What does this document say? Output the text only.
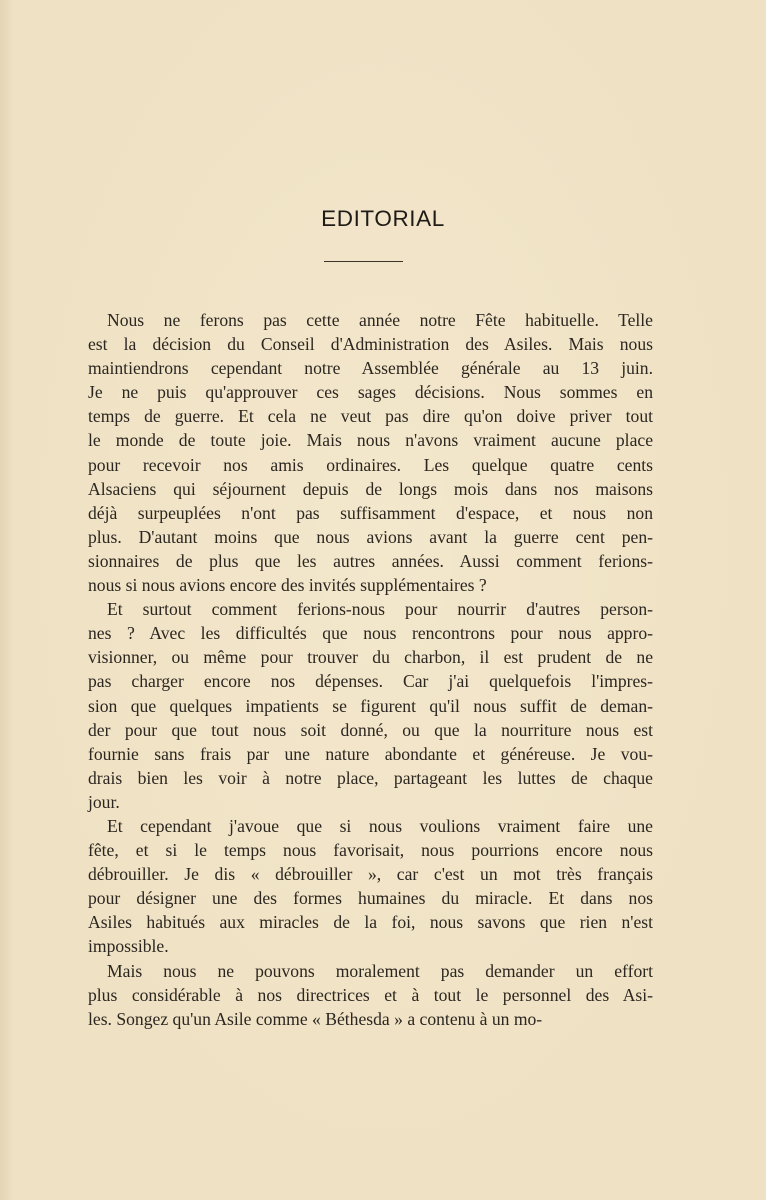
EDITORIAL
Nous ne ferons pas cette année notre Fête habituelle. Telle
est la décision du Conseil d'Administration des Asiles. Mais nous
maintiendrons cependant notre Assemblée générale au 13 juin.
Je ne puis qu'approuver ces sages décisions. Nous sommes en
temps de guerre. Et cela ne veut pas dire qu'on doive priver tout
le monde de toute joie. Mais nous n'avons vraiment aucune place
pour recevoir nos amis ordinaires. Les quelque quatre cents
Alsaciens qui séjournent depuis de longs mois dans nos maisons
déjà surpeuplées n'ont pas suffisamment d'espace, et nous non
plus. D'autant moins que nous avions avant la guerre cent pen-
sionnaires de plus que les autres années. Aussi comment ferions-
nous si nous avions encore des invités supplémentaires ?
Et surtout comment ferions-nous pour nourrir d'autres person-
nes ? Avec les difficultés que nous rencontrons pour nous appro-
visionner, ou même pour trouver du charbon, il est prudent de ne
pas charger encore nos dépenses. Car j'ai quelquefois l'impres-
sion que quelques impatients se figurent qu'il nous suffit de deman-
der pour que tout nous soit donné, ou que la nourriture nous est
fournie sans frais par une nature abondante et généreuse. Je vou-
drais bien les voir à notre place, partageant les luttes de chaque
jour.
Et cependant j'avoue que si nous voulions vraiment faire une
fête, et si le temps nous favorisait, nous pourrions encore nous
débrouiller. Je dis « débrouiller », car c'est un mot très français
pour désigner une des formes humaines du miracle. Et dans nos
Asiles habitués aux miracles de la foi, nous savons que rien n'est
impossible.
Mais nous ne pouvons moralement pas demander un effort
plus considérable à nos directrices et à tout le personnel des Asi-
les. Songez qu'un Asile comme « Béthesda » a contenu à un mo-
